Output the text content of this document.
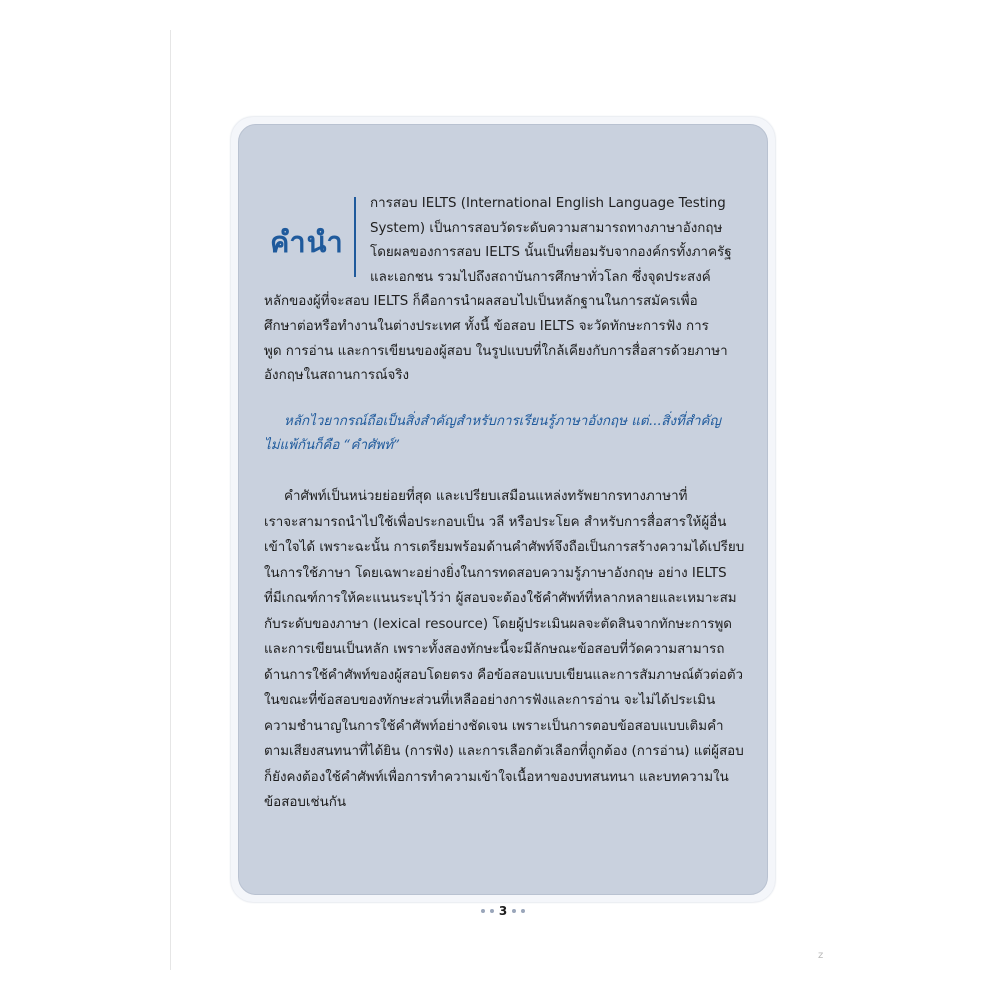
คำนำ
การสอบ IELTS (International English Language Testing
System) เป็นการสอบวัดระดับความสามารถทางภาษาอังกฤษ
โดยผลของการสอบ IELTS นั้นเป็นที่ยอมรับจากองค์กรทั้งภาครัฐ
และเอกชน รวมไปถึงสถาบันการศึกษาทั่วโลก ซึ่งจุดประสงค์
หลักของผู้ที่จะสอบ IELTS ก็คือการนำผลสอบไปเป็นหลักฐานในการสมัครเพื่อ
ศึกษาต่อหรือทำงานในต่างประเทศ ทั้งนี้ ข้อสอบ IELTS จะวัดทักษะการฟัง การ
พูด การอ่าน และการเขียนของผู้สอบ ในรูปแบบที่ใกล้เคียงกับการสื่อสารด้วยภาษา
อังกฤษในสถานการณ์จริง
หลักไวยากรณ์ถือเป็นสิ่งสำคัญสำหรับการเรียนรู้ภาษาอังกฤษ แต่...สิ่งที่สำคัญ
ไม่แพ้กันก็คือ “คำศัพท์”
คำศัพท์เป็นหน่วยย่อยที่สุด และเปรียบเสมือนแหล่งทรัพยากรทางภาษาที่
เราจะสามารถนำไปใช้เพื่อประกอบเป็น วลี หรือประโยค สำหรับการสื่อสารให้ผู้อื่น
เข้าใจได้ เพราะฉะนั้น การเตรียมพร้อมด้านคำศัพท์จึงถือเป็นการสร้างความได้เปรียบ
ในการใช้ภาษา โดยเฉพาะอย่างยิ่งในการทดสอบความรู้ภาษาอังกฤษ อย่าง IELTS
ที่มีเกณฑ์การให้คะแนนระบุไว้ว่า ผู้สอบจะต้องใช้คำศัพท์ที่หลากหลายและเหมาะสม
กับระดับของภาษา (lexical resource) โดยผู้ประเมินผลจะตัดสินจากทักษะการพูด
และการเขียนเป็นหลัก เพราะทั้งสองทักษะนี้จะมีลักษณะข้อสอบที่วัดความสามารถ
ด้านการใช้คำศัพท์ของผู้สอบโดยตรง คือข้อสอบแบบเขียนและการสัมภาษณ์ตัวต่อตัว
ในขณะที่ข้อสอบของทักษะส่วนที่เหลืออย่างการฟังและการอ่าน จะไม่ได้ประเมิน
ความชำนาญในการใช้คำศัพท์อย่างชัดเจน เพราะเป็นการตอบข้อสอบแบบเติมคำ
ตามเสียงสนทนาที่ได้ยิน (การฟัง) และการเลือกตัวเลือกที่ถูกต้อง (การอ่าน) แต่ผู้สอบ
ก็ยังคงต้องใช้คำศัพท์เพื่อการทำความเข้าใจเนื้อหาของบทสนทนา และบทความใน
ข้อสอบเช่นกัน
3
z
